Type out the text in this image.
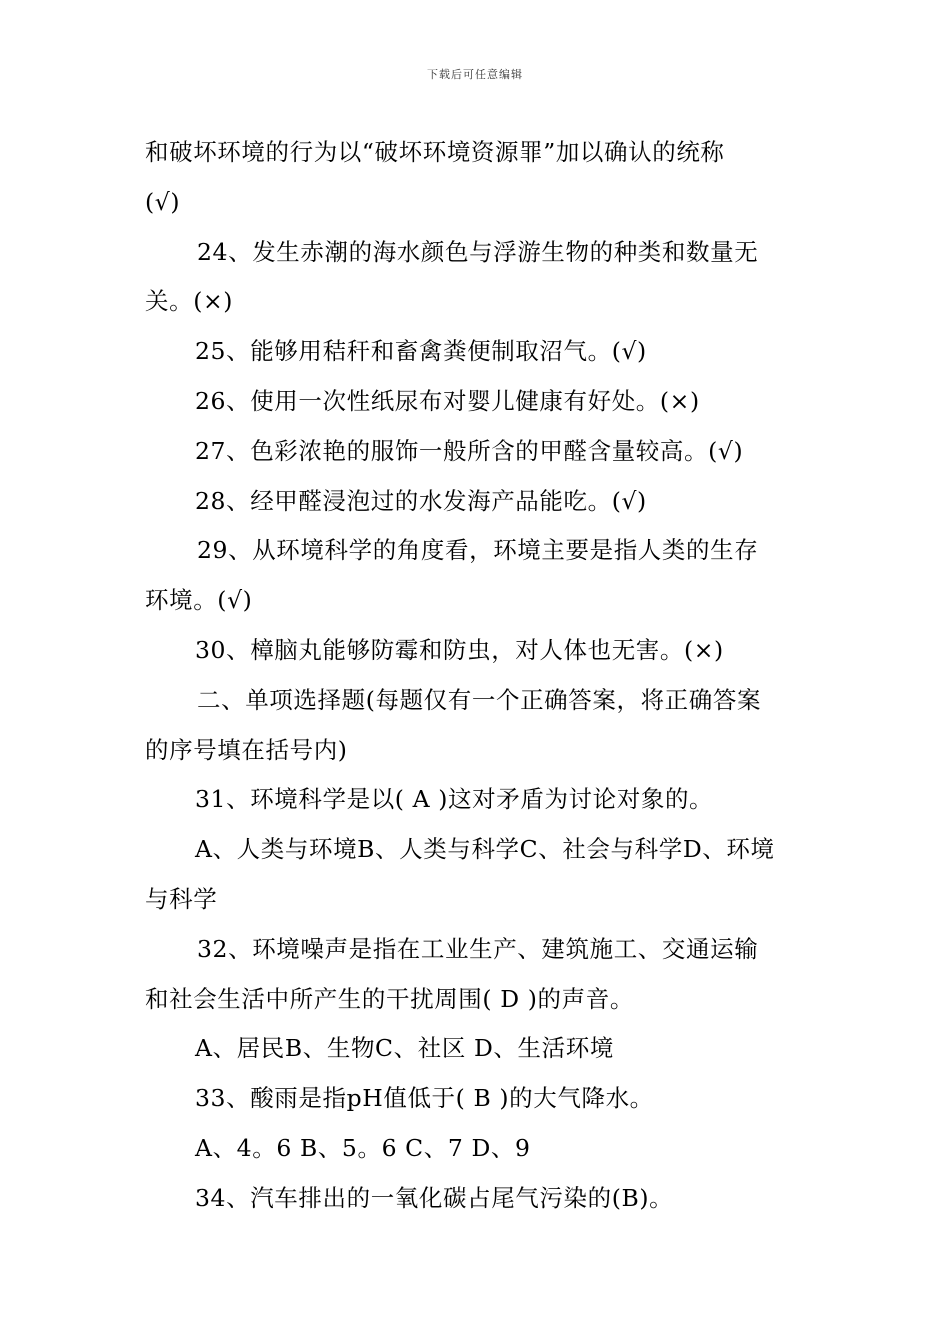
下载后可任意编辑
和破坏环境的行为以“破坏环境资源罪”加以确认的统称
(√)
24、发生赤潮的海水颜色与浮游生物的种类和数量无
关。(×)
25、能够用秸秆和畜禽粪便制取沼气。(√)
26、使用一次性纸尿布对婴儿健康有好处。(×)
27、色彩浓艳的服饰一般所含的甲醛含量较高。(√)
28、经甲醛浸泡过的水发海产品能吃。(√)
29、从环境科学的角度看，环境主要是指人类的生存
环境。(√)
30、樟脑丸能够防霉和防虫，对人体也无害。(×)
二、单项选择题(每题仅有一个正确答案，将正确答案
的序号填在括号内)
31、环境科学是以( A )这对矛盾为讨论对象的。
A、人类与环境B、人类与科学C、社会与科学D、环境
与科学
32、环境噪声是指在工业生产、建筑施工、交通运输
和社会生活中所产生的干扰周围( D )的声音。
A、居民B、生物C、社区 D、生活环境
33、酸雨是指pH值低于( B )的大气降水。
A、4。6 B、5。6 C、7 D、9
34、汽车排出的一氧化碳占尾气污染的(B)。
